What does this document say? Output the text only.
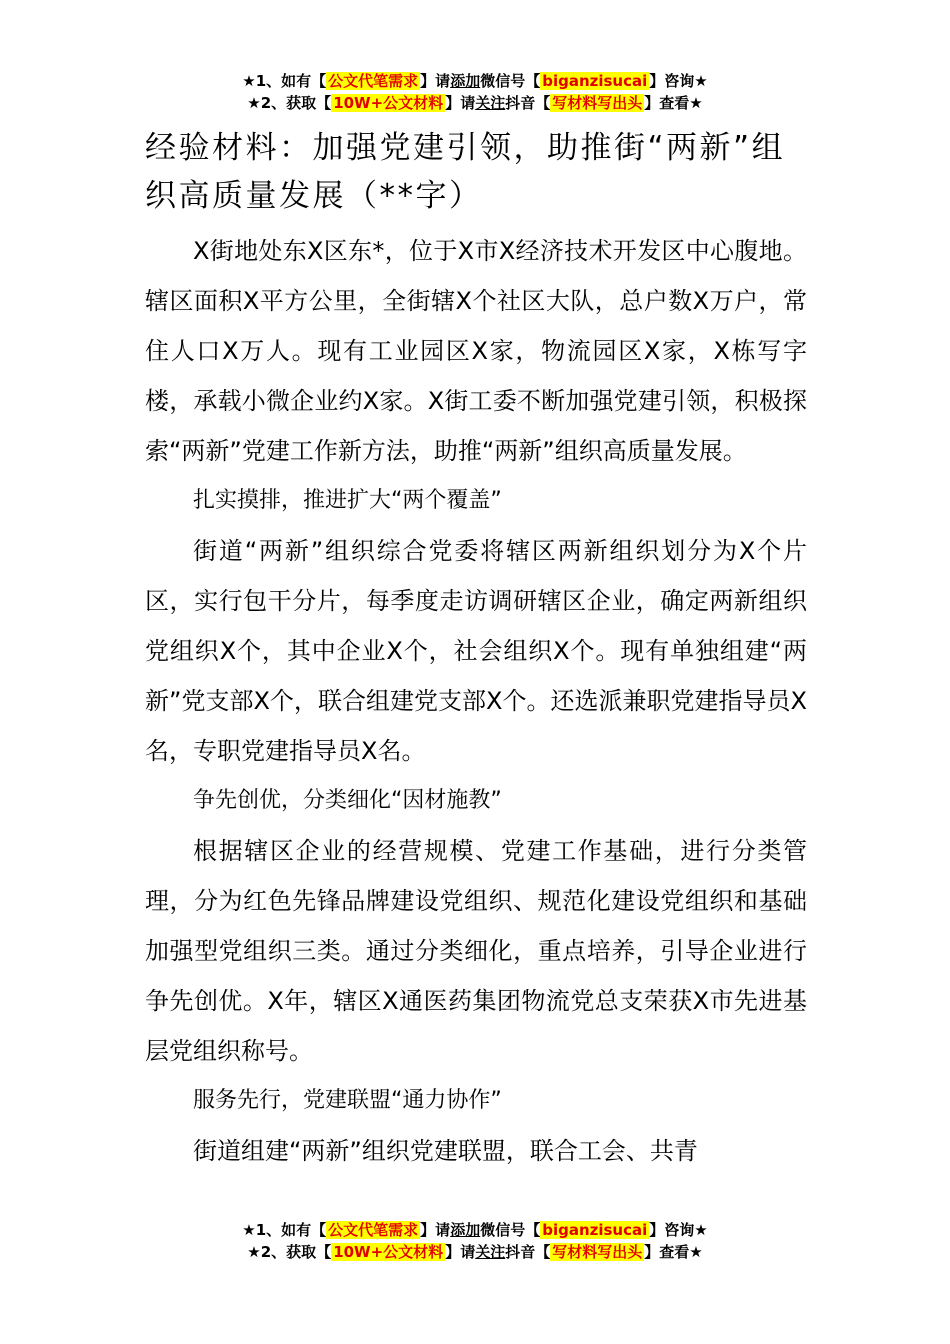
★1、如有【 公文代笔需求 】请添加微信号【 biganzisucai 】咨询★
★2、获取【 10W+公文材料 】请关注抖音【 写材料写出头 】查看★
经验材料：加强党建引领，助推街“两新”组织高质量发展（**字）

X街地处东X区东*，位于X市X经济技术开发区中心腹地。辖区面积X平方公里，全街辖X个社区大队，总户数X万户，常住人口X万人。现有工业园区X家，物流园区X家，X栋写字楼，承载小微企业约X家。X街工委不断加强党建引领，积极探索“两新”党建工作新方法，助推“两新”组织高质量发展。

扎实摸排，推进扩大“两个覆盖”

街道“两新”组织综合党委将辖区两新组织划分为X个片区，实行包干分片，每季度走访调研辖区企业，确定两新组织党组织X个，其中企业X个，社会组织X个。现有单独组建“两新”党支部X个，联合组建党支部X个。还选派兼职党建指导员X名，专职党建指导员X名。

争先创优，分类细化“因材施教”

根据辖区企业的经营规模、党建工作基础，进行分类管理，分为红色先锋品牌建设党组织、规范化建设党组织和基础加强型党组织三类。通过分类细化，重点培养，引导企业进行争先创优。X年，辖区X通医药集团物流党总支荣获X市先进基层党组织称号。

服务先行，党建联盟“通力协作”

街道组建“两新”组织党建联盟，联合工会、共青

★1、如有【 公文代笔需求 】请添加微信号【 biganzisucai 】咨询★
★2、获取【 10W+公文材料 】请关注抖音【 写材料写出头 】查看★
